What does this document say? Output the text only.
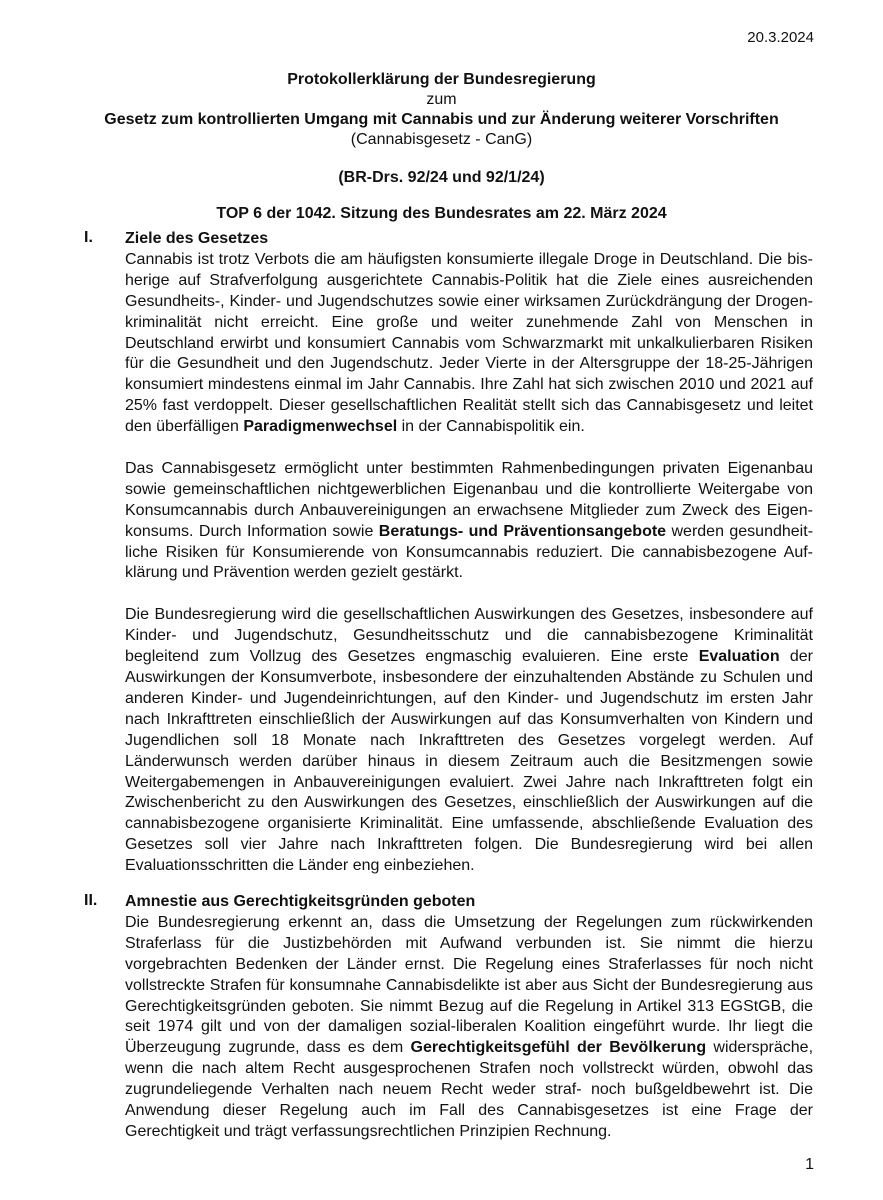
20.3.2024
Protokollerklärung der Bundesregierung
zum
Gesetz zum kontrollierten Umgang mit Cannabis und zur Änderung weiterer Vorschriften
(Cannabisgesetz - CanG)
(BR-Drs. 92/24 und 92/1/24)
TOP 6 der 1042. Sitzung des Bundesrates am 22. März 2024
I. Ziele des Gesetzes

Cannabis ist trotz Verbots die am häufigsten konsumierte illegale Droge in Deutschland. Die bisherige auf Strafverfolgung ausgerichtete Cannabis-Politik hat die Ziele eines ausreichenden Gesundheits-, Kinder- und Jugendschutzes sowie einer wirksamen Zurückdrängung der Drogenkriminalität nicht erreicht. Eine große und weiter zunehmende Zahl von Menschen in Deutschland erwirbt und konsumiert Cannabis vom Schwarzmarkt mit unkalkulierbaren Risiken für die Gesundheit und den Jugendschutz. Jeder Vierte in der Altersgruppe der 18-25-Jährigen konsumiert mindestens einmal im Jahr Cannabis. Ihre Zahl hat sich zwischen 2010 und 2021 auf 25% fast verdoppelt. Dieser gesellschaftlichen Realität stellt sich das Cannabisgesetz und leitet den überfälligen Paradigmenwechsel in der Cannabispolitik ein.

Das Cannabisgesetz ermöglicht unter bestimmten Rahmenbedingungen privaten Eigenanbau sowie gemeinschaftlichen nichtgewerblichen Eigenanbau und die kontrollierte Weitergabe von Konsumcannabis durch Anbauvereinigungen an erwachsene Mitglieder zum Zweck des Eigenkonsums. Durch Information sowie Beratungs- und Präventionsangebote werden gesundheitliche Risiken für Konsumierende von Konsumcannabis reduziert. Die cannabisbezogene Aufklärung und Prävention werden gezielt gestärkt.

Die Bundesregierung wird die gesellschaftlichen Auswirkungen des Gesetzes, insbesondere auf Kinder- und Jugendschutz, Gesundheitsschutz und die cannabisbezogene Kriminalität begleitend zum Vollzug des Gesetzes engmaschig evaluieren. Eine erste Evaluation der Auswirkungen der Konsumverbote, insbesondere der einzuhaltenden Abstände zu Schulen und anderen Kinder- und Jugendeinrichtungen, auf den Kinder- und Jugendschutz im ersten Jahr nach Inkrafttreten einschließlich der Auswirkungen auf das Konsumverhalten von Kindern und Jugendlichen soll 18 Monate nach Inkrafttreten des Gesetzes vorgelegt werden. Auf Länderwunsch werden darüber hinaus in diesem Zeitraum auch die Besitzmengen sowie Weitergabemengen in Anbauvereinigungen evaluiert. Zwei Jahre nach Inkrafttreten folgt ein Zwischenbericht zu den Auswirkungen des Gesetzes, einschließlich der Auswirkungen auf die cannabisbezogene organisierte Kriminalität. Eine umfassende, abschließende Evaluation des Gesetzes soll vier Jahre nach Inkrafttreten folgen. Die Bundesregierung wird bei allen Evaluationsschritten die Länder eng einbeziehen.

II. Amnestie aus Gerechtigkeitsgründen geboten

Die Bundesregierung erkennt an, dass die Umsetzung der Regelungen zum rückwirkenden Straferlass für die Justizbehörden mit Aufwand verbunden ist. Sie nimmt die hierzu vorgebrachten Bedenken der Länder ernst. Die Regelung eines Straferlasses für noch nicht vollstreckte Strafen für konsumnahe Cannabisdelikte ist aber aus Sicht der Bundesregierung aus Gerechtigkeitsgründen geboten. Sie nimmt Bezug auf die Regelung in Artikel 313 EGStGB, die seit 1974 gilt und von der damaligen sozial-liberalen Koalition eingeführt wurde. Ihr liegt die Überzeugung zugrunde, dass es dem Gerechtigkeitsgefühl der Bevölkerung widerspräche, wenn die nach altem Recht ausgesprochenen Strafen noch vollstreckt würden, obwohl das zugrundeliegende Verhalten nach neuem Recht weder straf- noch bußgeldbewehrt ist. Die Anwendung dieser Regelung auch im Fall des Cannabisgesetzes ist eine Frage der Gerechtigkeit und trägt verfassungsrechtlichen Prinzipien Rechnung.

1
